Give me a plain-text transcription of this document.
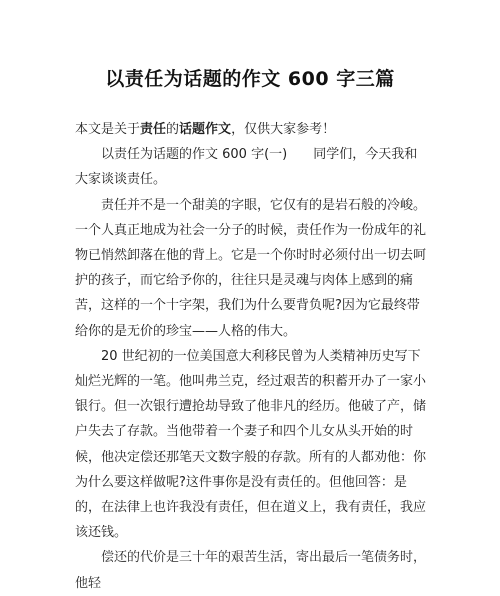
以责任为话题的作文 600 字三篇

本文是关于责任的话题作文，仅供大家参考！

以责任为话题的作文 600 字(一)　　同学们，今天我和大家谈谈责任。

责任并不是一个甜美的字眼，它仅有的是岩石般的冷峻。一个人真正地成为社会一分子的时候，责任作为一份成年的礼物已悄然卸落在他的背上。它是一个你时时必须付出一切去呵护的孩子，而它给予你的，往往只是灵魂与肉体上感到的痛苦，这样的一个十字架，我们为什么要背负呢?因为它最终带给你的是无价的珍宝——人格的伟大。

20 世纪初的一位美国意大利移民曾为人类精神历史写下灿烂光辉的一笔。他叫弗兰克，经过艰苦的积蓄开办了一家小银行。但一次银行遭抢劫导致了他非凡的经历。他破了产，储户失去了存款。当他带着一个妻子和四个儿女从头开始的时候，他决定偿还那笔天文数字般的存款。所有的人都劝他：你为什么要这样做呢?这件事你是没有责任的。但他回答：是的，在法律上也许我没有责任，但在道义上，我有责任，我应该还钱。

偿还的代价是三十年的艰苦生活，寄出最后一笔债务时，他轻
